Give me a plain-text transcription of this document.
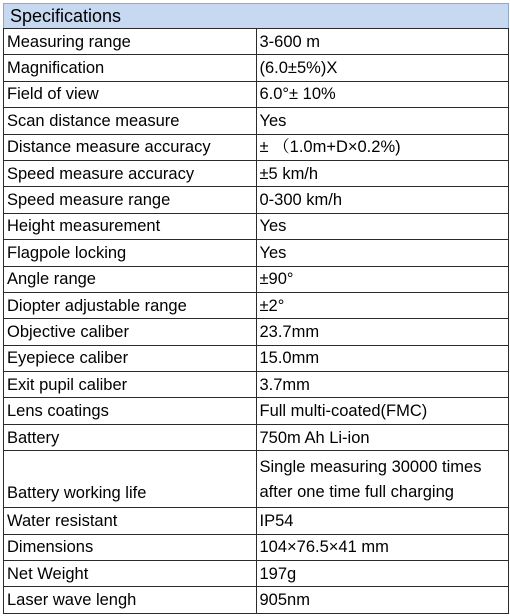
Specifications	
Measuring range	3-600 m
Magnification	(6.0±5%)X
Field of view	6.0°± 10%
Scan distance measure	Yes
Distance measure accuracy	± （1.0m+D×0.2%)
Speed measure accuracy	±5 km/h
Speed measure range	0-300 km/h
Height measurement	Yes
Flagpole locking	Yes
Angle range	±90°
Diopter adjustable range	±2°
Objective caliber	23.7mm
Eyepiece caliber	15.0mm
Exit pupil caliber	3.7mm
Lens coatings	Full multi-coated(FMC)
Battery	750m Ah Li-ion
Battery working life	Single measuring 30000 times after one time full charging
Water resistant	IP54
Dimensions	104×76.5×41 mm
Net Weight	197g
Laser wave lengh	905nm
